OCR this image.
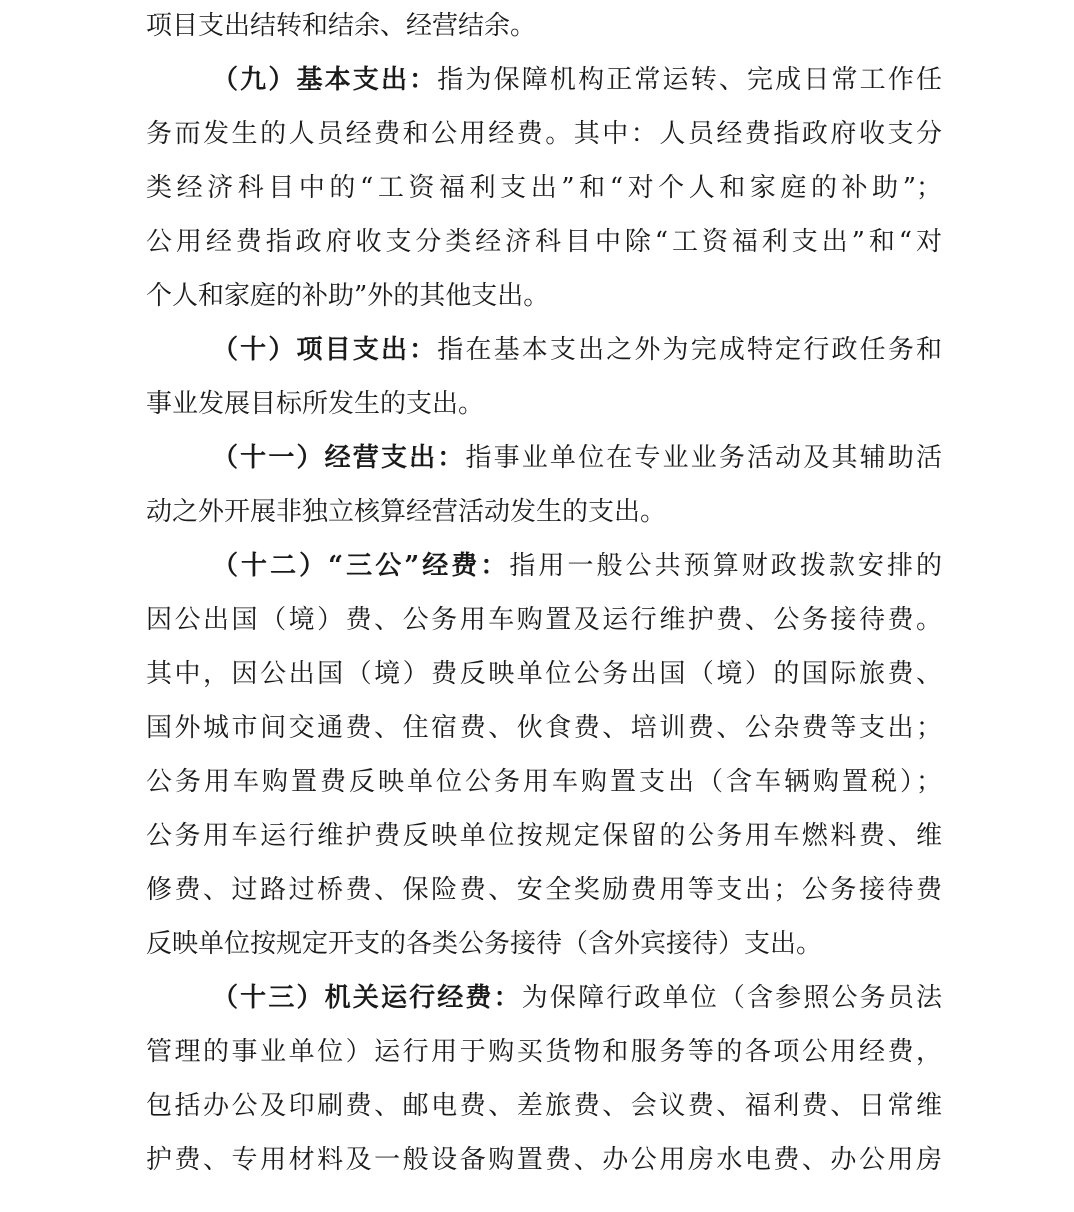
项目支出结转和结余、经营结余。
（九）基本支出：指为保障机构正常运转、完成日常工作任
务而发生的人员经费和公用经费。其中：人员经费指政府收支分
类经济科目中的“工资福利支出”和“对个人和家庭的补助”；
公用经费指政府收支分类经济科目中除“工资福利支出”和“对
个人和家庭的补助”外的其他支出。
（十）项目支出：指在基本支出之外为完成特定行政任务和
事业发展目标所发生的支出。
（十一）经营支出：指事业单位在专业业务活动及其辅助活
动之外开展非独立核算经营活动发生的支出。
（十二）“三公”经费：指用一般公共预算财政拨款安排的
因公出国（境）费、公务用车购置及运行维护费、公务接待费。
其中，因公出国（境）费反映单位公务出国（境）的国际旅费、
国外城市间交通费、住宿费、伙食费、培训费、公杂费等支出；
公务用车购置费反映单位公务用车购置支出（含车辆购置税）；
公务用车运行维护费反映单位按规定保留的公务用车燃料费、维
修费、过路过桥费、保险费、安全奖励费用等支出；公务接待费
反映单位按规定开支的各类公务接待（含外宾接待）支出。
（十三）机关运行经费：为保障行政单位（含参照公务员法
管理的事业单位）运行用于购买货物和服务等的各项公用经费，
包括办公及印刷费、邮电费、差旅费、会议费、福利费、日常维
护费、专用材料及一般设备购置费、办公用房水电费、办公用房
